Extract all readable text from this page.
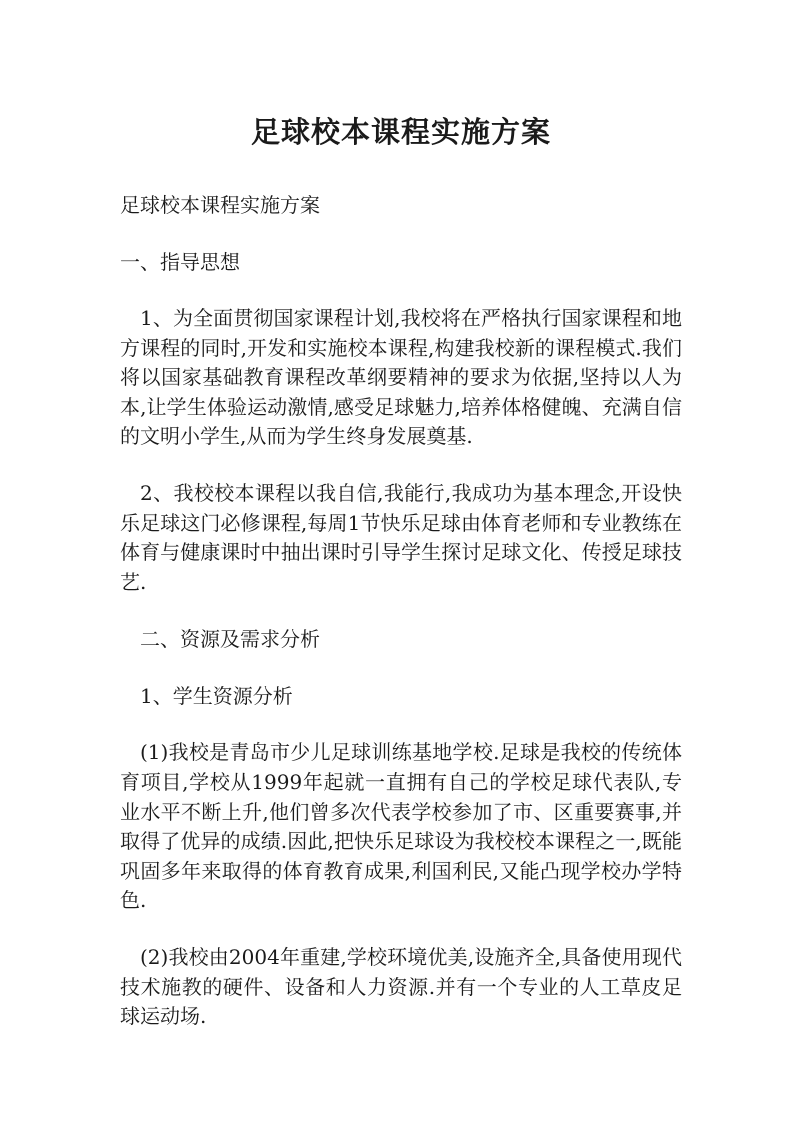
足球校本课程实施方案

足球校本课程实施方案

一、指导思想

1、为全面贯彻国家课程计划,我校将在严格执行国家课程和地方课程的同时,开发和实施校本课程,构建我校新的课程模式.我们将以国家基础教育课程改革纲要精神的要求为依据,坚持以人为本,让学生体验运动激情,感受足球魅力,培养体格健魄、充满自信的文明小学生,从而为学生终身发展奠基.

2、我校校本课程以我自信,我能行,我成功为基本理念,开设快乐足球这门必修课程,每周1节快乐足球由体育老师和专业教练在体育与健康课时中抽出课时引导学生探讨足球文化、传授足球技艺.

二、资源及需求分析

1、学生资源分析

(1)我校是青岛市少儿足球训练基地学校.足球是我校的传统体育项目,学校从1999年起就一直拥有自己的学校足球代表队,专业水平不断上升,他们曾多次代表学校参加了市、区重要赛事,并取得了优异的成绩.因此,把快乐足球设为我校校本课程之一,既能巩固多年来取得的体育教育成果,利国利民,又能凸现学校办学特色.

(2)我校由2004年重建,学校环境优美,设施齐全,具备使用现代技术施教的硬件、设备和人力资源.并有一个专业的人工草皮足球运动场.
